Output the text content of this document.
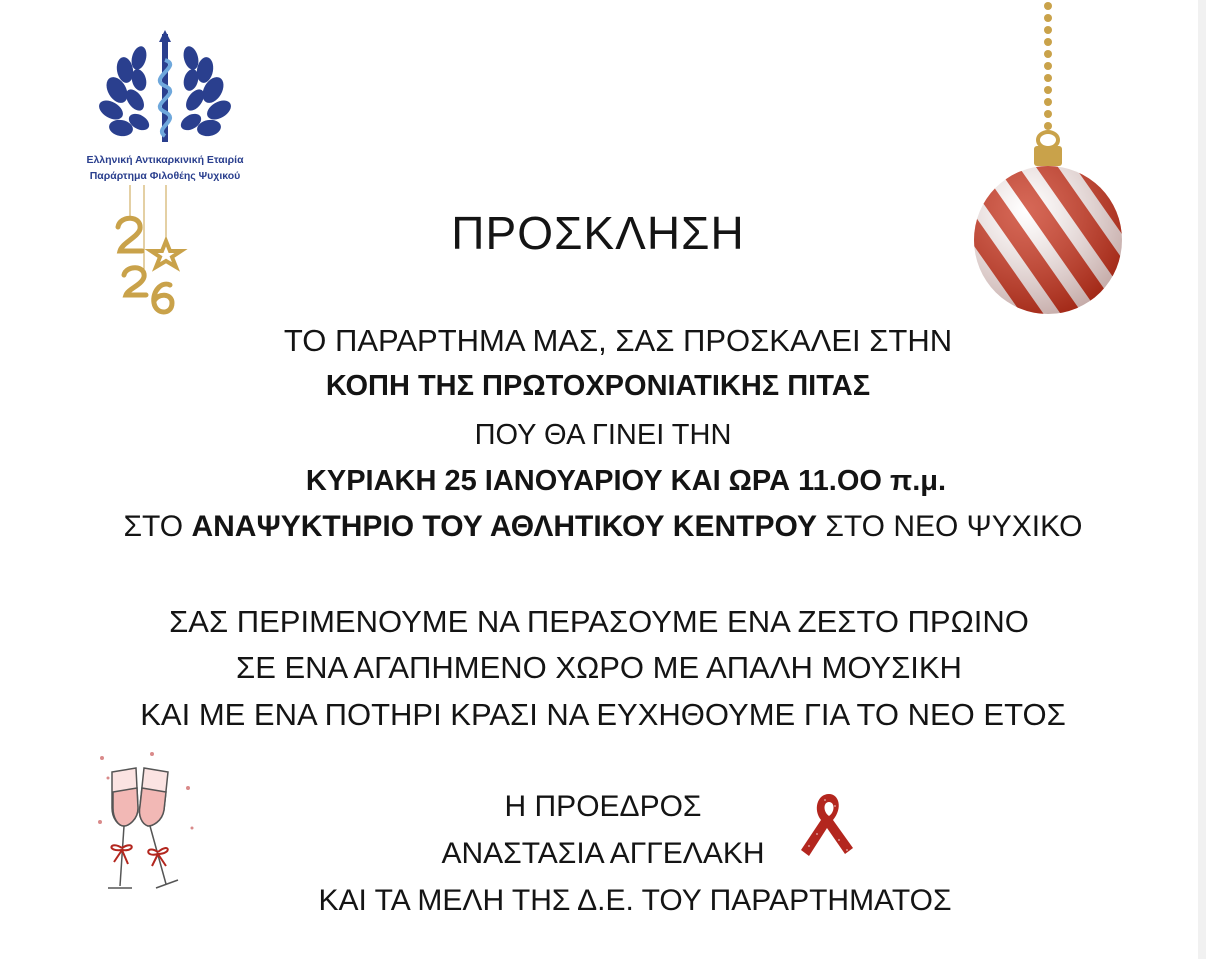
Ελληνική Αντικαρκινική Εταιρία
Παράρτημα Φιλοθέης Ψυχικού
ΠΡΟΣΚΛΗΣΗ
ΤΟ ΠΑΡΑΡΤΗΜΑ ΜΑΣ, ΣΑΣ ΠΡΟΣΚΑΛΕΙ ΣΤΗΝ
ΚΟΠΗ ΤΗΣ ΠΡΩΤΟΧΡΟΝΙΑΤΙΚΗΣ ΠΙΤΑΣ
ΠΟΥ ΘΑ ΓΙΝΕΙ ΤΗΝ
ΚΥΡΙΑΚΗ 25 ΙΑΝΟΥΑΡΙΟΥ ΚΑΙ ΩΡΑ 11.ΟΟ π.μ.
ΣΤΟ ΑΝΑΨΥΚΤΗΡΙΟ ΤΟΥ ΑΘΛΗΤΙΚΟΥ ΚΕΝΤΡΟΥ ΣΤΟ ΝΕΟ ΨΥΧΙΚΟ
ΣΑΣ ΠΕΡΙΜΕΝΟΥΜΕ ΝΑ ΠΕΡΑΣΟΥΜΕ ΕΝΑ ΖΕΣΤΟ ΠΡΩΙΝΟ
ΣΕ ΕΝΑ ΑΓΑΠΗΜΕΝΟ ΧΩΡΟ ΜΕ ΑΠΑΛΗ ΜΟΥΣΙΚΗ
ΚΑΙ ΜΕ ΕΝΑ ΠΟΤΗΡΙ ΚΡΑΣΙ ΝΑ ΕΥΧΗΘΟΥΜΕ ΓΙΑ ΤΟ ΝΕΟ ΕΤΟΣ
Η ΠΡΟΕΔΡΟΣ
ΑΝΑΣΤΑΣΙΑ ΑΓΓΕΛΑΚΗ
ΚΑΙ ΤΑ ΜΕΛΗ ΤΗΣ Δ.Ε. ΤΟΥ ΠΑΡΑΡΤΗΜΑΤΟΣ
